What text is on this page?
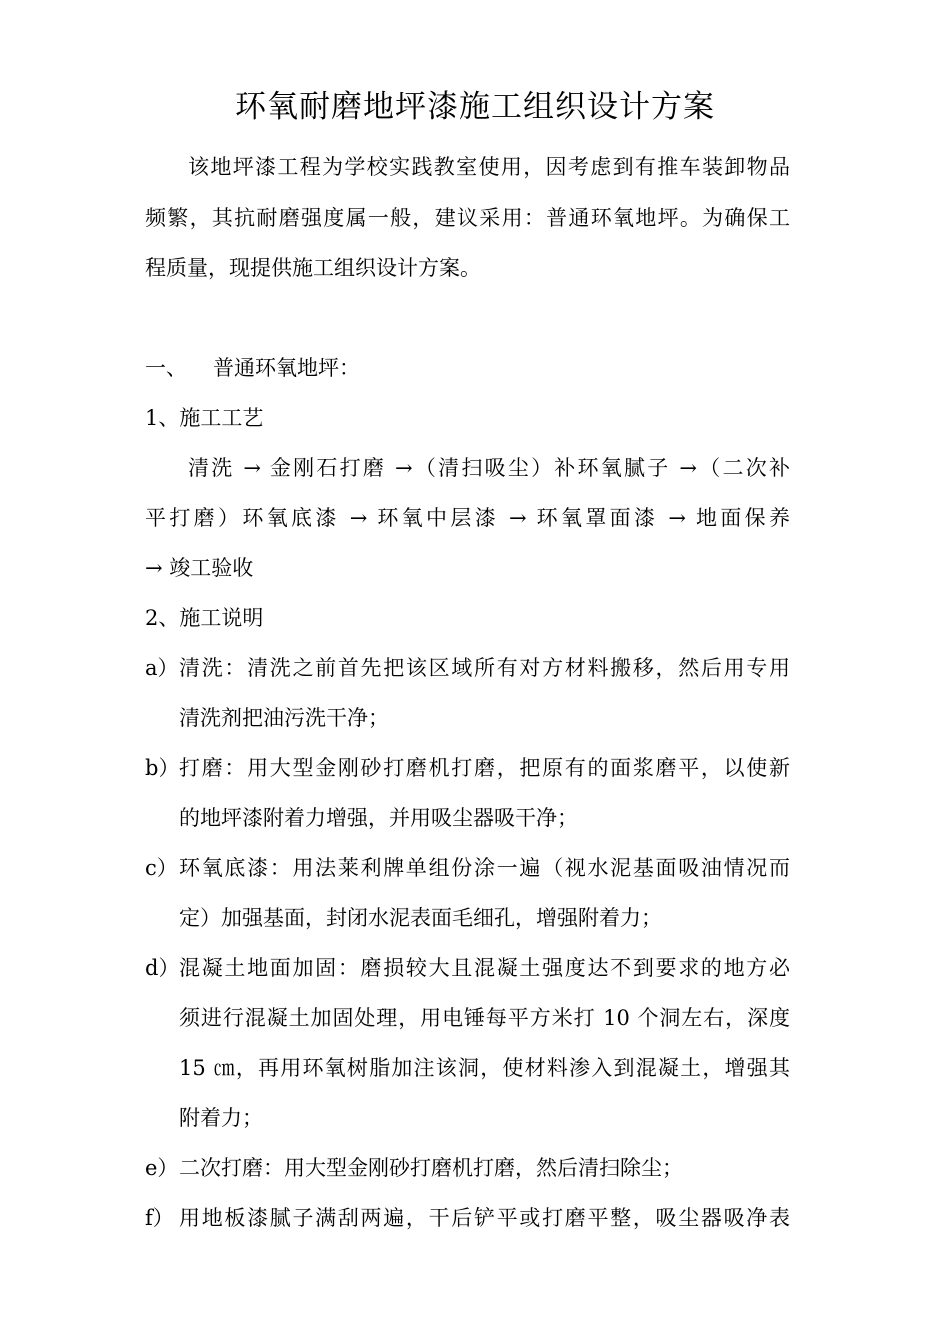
环氧耐磨地坪漆施工组织设计方案
该地坪漆工程为学校实践教室使用，因考虑到有推车装卸物品
频繁，其抗耐磨强度属一般，建议采用：普通环氧地坪。为确保工
程质量，现提供施工组织设计方案。
一、 普通环氧地坪：
1、施工工艺
清洗 → 金刚石打磨 →（清扫吸尘）补环氧腻子 →（二次补
平打磨）环氧底漆 → 环氧中层漆 → 环氧罩面漆 → 地面保养
→ 竣工验收
2、施工说明
a） 清洗：清洗之前首先把该区域所有对方材料搬移，然后用专用
清洗剂把油污洗干净；
b） 打磨：用大型金刚砂打磨机打磨，把原有的面浆磨平，以使新
的地坪漆附着力增强，并用吸尘器吸干净；
c） 环氧底漆：用法莱利牌单组份涂一遍（视水泥基面吸油情况而
定）加强基面，封闭水泥表面毛细孔，增强附着力；
d） 混凝土地面加固：磨损较大且混凝土强度达不到要求的地方必
须进行混凝土加固处理，用电锤每平方米打 10 个洞左右，深度
15 ㎝，再用环氧树脂加注该洞，使材料渗入到混凝土，增强其
附着力；
e） 二次打磨：用大型金刚砂打磨机打磨，然后清扫除尘；
f） 用地板漆腻子满刮两遍，干后铲平或打磨平整，吸尘器吸净表
